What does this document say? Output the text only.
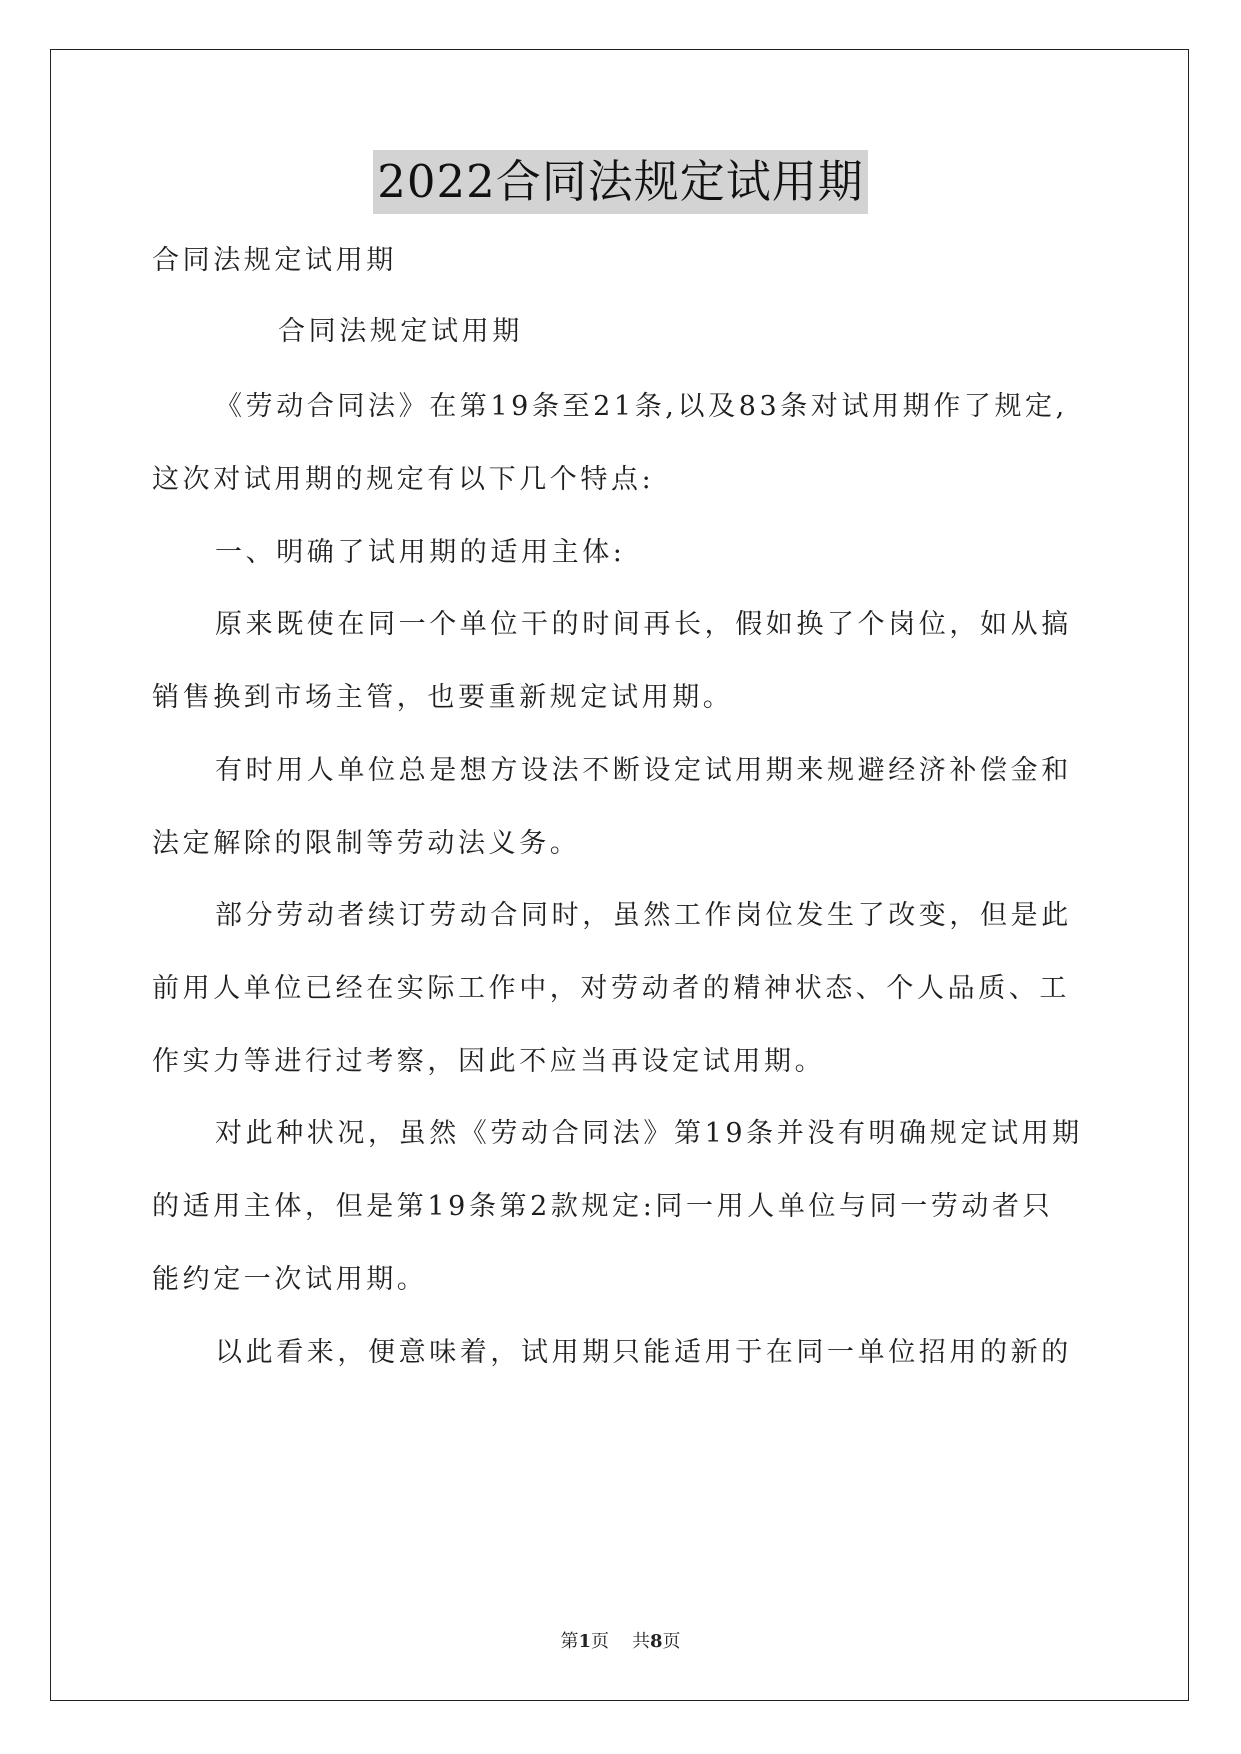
2022合同法规定试用期
合同法规定试用期
合同法规定试用期
《劳动合同法》在第19条至21条,以及83条对试用期作了规定,
这次对试用期的规定有以下几个特点:
一、明确了试用期的适用主体:
原来既使在同一个单位干的时间再长，假如换了个岗位，如从搞
销售换到市场主管，也要重新规定试用期。
有时用人单位总是想方设法不断设定试用期来规避经济补偿金和
法定解除的限制等劳动法义务。
部分劳动者续订劳动合同时，虽然工作岗位发生了改变，但是此
前用人单位已经在实际工作中，对劳动者的精神状态、个人品质、工
作实力等进行过考察，因此不应当再设定试用期。
对此种状况，虽然《劳动合同法》第19条并没有明确规定试用期
的适用主体，但是第19条第2款规定:同一用人单位与同一劳动者只
能约定一次试用期。
以此看来，便意味着，试用期只能适用于在同一单位招用的新的
第1页 共8页
